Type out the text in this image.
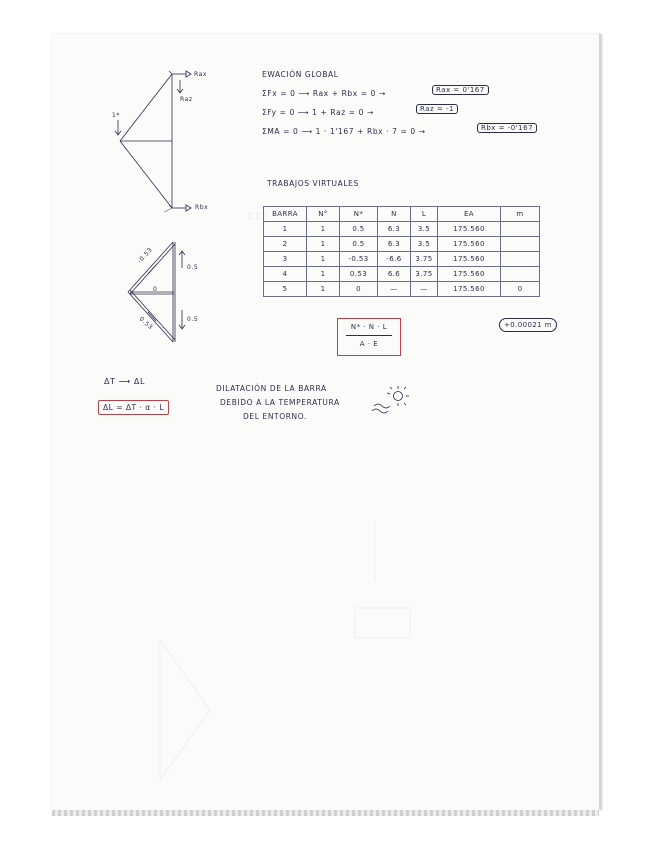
∑ ∑ ∑
Rax
Raz
Rbx
1*
EWACIÓN GLOBAL
ΣFx = 0 ⟶ Rax + Rbx = 0 →	Rax = 0'167
ΣFy = 0 ⟶ 1 + Raz = 0 →	Raz = -1
ΣMA = 0 ⟶ 1 · 1'167 + Rbx · 7 = 0 →	Rbx = -0'167
TRABAJOS VIRTUALES
BARRA	N°	N*	N	L	EA	m
1	1	0.5	6.3	3.5	175.560	
2	1	0.5	6.3	3.5	175.560	
3	1	-0.53	-6.6	3.75	175.560	
4	1	0.53	6.6	3.75	175.560	
5	1	0	—	—	175.560	0
+0.00021 m
N* · N · L
A · E
-0.53
0.5
0
0.53	0.5
ΔT ⟶ ΔL
ΔL = ΔT · α · L
DILATACIÓN DE LA BARRA
DEBIDO A LA TEMPERATURA
DEL ENTORNO.
